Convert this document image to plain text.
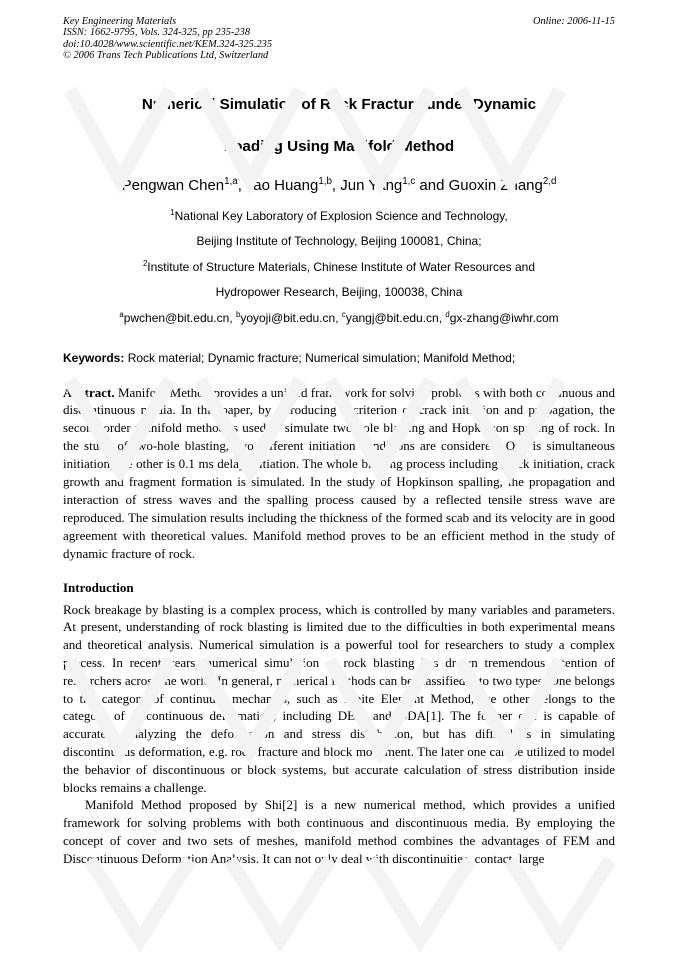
Key Engineering Materials
ISSN: 1662-9795, Vols. 324-325, pp 235-238
doi:10.4028/www.scientific.net/KEM.324-325.235
© 2006 Trans Tech Publications Ltd, Switzerland
Online: 2006-11-15
Numerical Simulation of Rock Fracture under Dynamic
Loading Using Manifold Method
Pengwan Chen$^{1,a}$, Tao Huang$^{1,b}$, Jun Yang$^{1,c}$ and Guoxin Zhang$^{2,d}$
$^1$National Key Laboratory of Explosion Science and Technology,
Beijing Institute of Technology, Beijing 100081, China;
$^2$Institute of Structure Materials, Chinese Institute of Water Resources and
Hydropower Research, Beijing, 100038, China
$^a$pwchen@bit.edu.cn, $^b$yoyoji@bit.edu.cn, $^c$yangj@bit.edu.cn, $^d$gx-zhang@iwhr.com
Keywords: Rock material; Dynamic fracture; Numerical simulation; Manifold Method;

Abstract. Manifold Method provides a unified framework for solving problems with both continuous and discontinuous media. In this paper, by introducing a criterion of crack initiation and propagation, the second order manifold method is used to simulate two-hole blasting and Hopkinson spalling of rock. In the study of two-hole blasting, two different initiation conditions are considered. One is simultaneous initiation, the other is 0.1 ms delay initiation. The whole blasting process including crack initiation, crack growth and fragment formation is simulated. In the study of Hopkinson spalling, the propagation and interaction of stress waves and the spalling process caused by a reflected tensile stress wave are reproduced. The simulation results including the thickness of the formed scab and its velocity are in good agreement with theoretical values. Manifold method proves to be an efficient method in the study of dynamic fracture of rock.

Introduction

Rock breakage by blasting is a complex process, which is controlled by many variables and parameters. At present, understanding of rock blasting is limited due to the difficulties in both experimental means and theoretical analysis. Numerical simulation is a powerful tool for researchers to study a complex process. In recent years, numerical simulation of rock blasting has drawn tremendous attention of researchers across the world. In general, numerical methods can be classified into two types. One belongs to the category of continuum mechanics, such as Finite Element Method, the other belongs to the category of discontinuous deformation, including DEM and DDA[1]. The former one is capable of accurately analyzing the deformation and stress distribution, but has difficulties in simulating discontinuous deformation, e.g. rock fracture and block movement. The later one can be utilized to model the behavior of discontinuous or block systems, but accurate calculation of stress distribution inside blocks remains a challenge.

Manifold Method proposed by Shi[2] is a new numerical method, which provides a unified framework for solving problems with both continuous and discontinuous media. By employing the concept of cover and two sets of meshes, manifold method combines the advantages of FEM and Discontinuous Deformation Analysis. It can not only deal with discontinuities, contact, large
